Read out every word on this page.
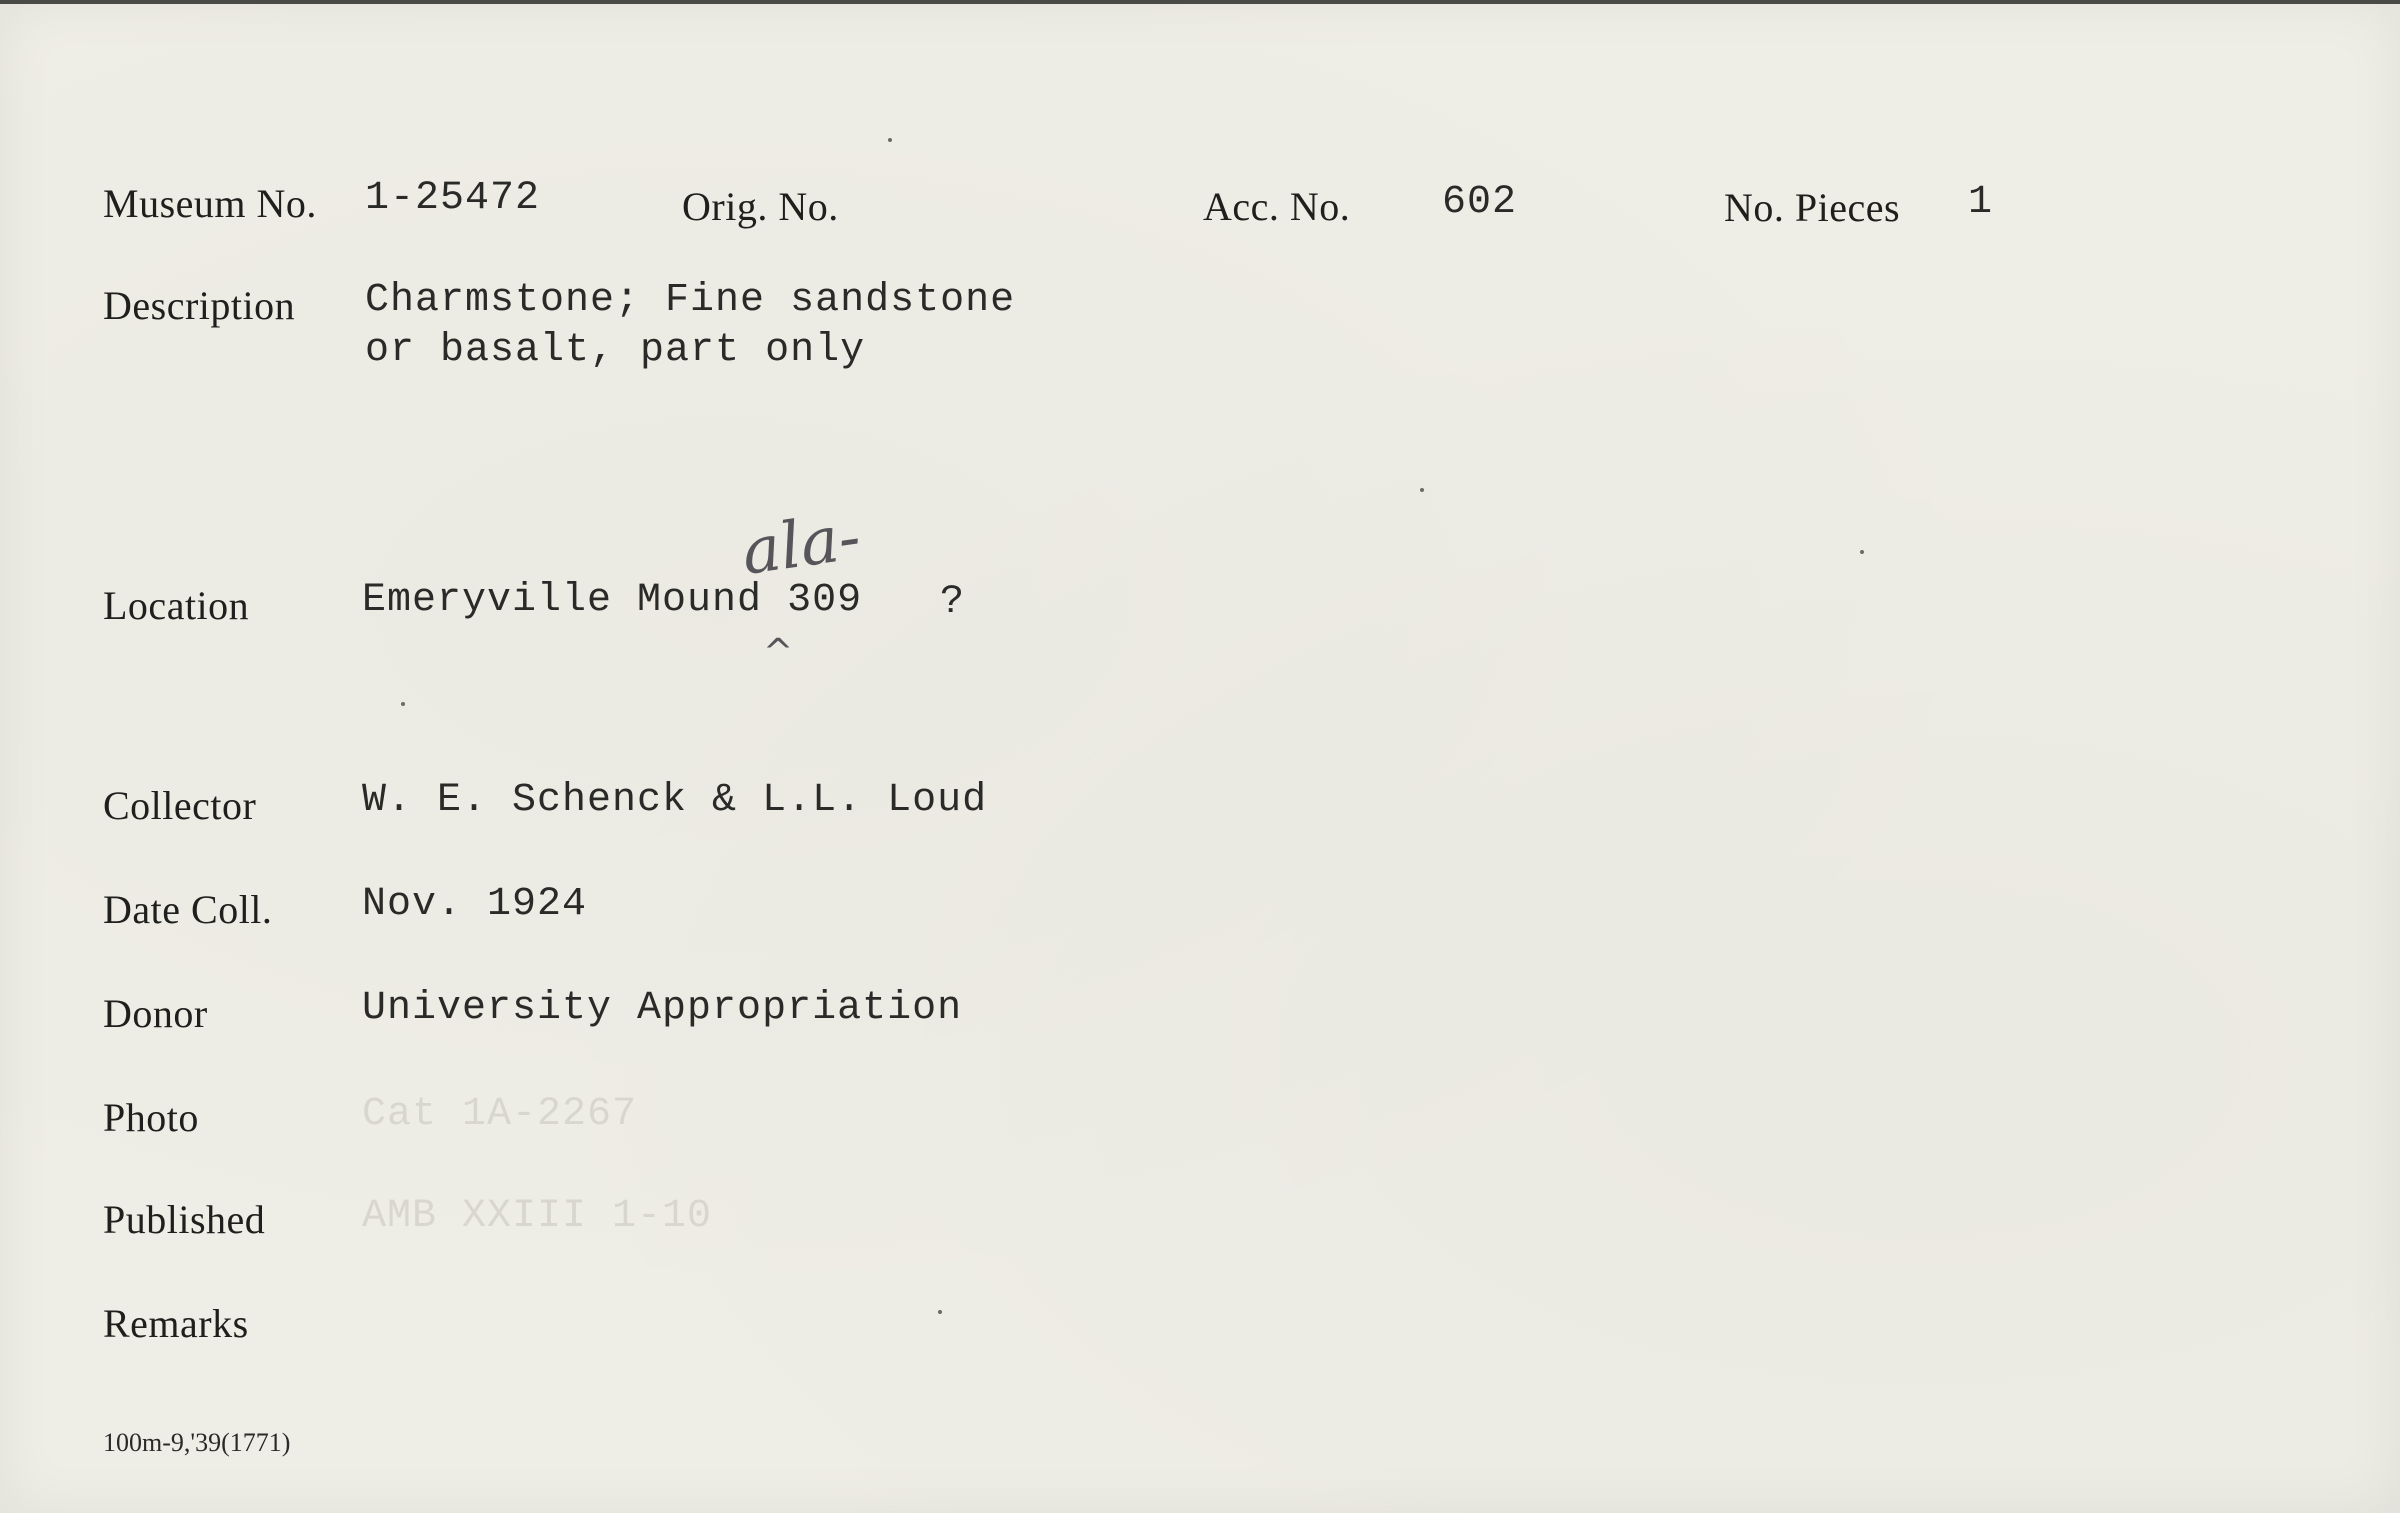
Museum No. 1-25472	Orig. No.	Acc. No. 602	No. Pieces 1
Description Charmstone; Fine sandstone
or basalt, part only
Location	Emeryville Mound 309 ?
ala-
^
Collector	W. E. Schenck & L.L. Loud
Date Coll. Nov. 1924
Donor	University Appropriation
Photo	Cat 1A-2267
Published AMB XXIII 1-10
Remarks
100m-9,'39(1771)
